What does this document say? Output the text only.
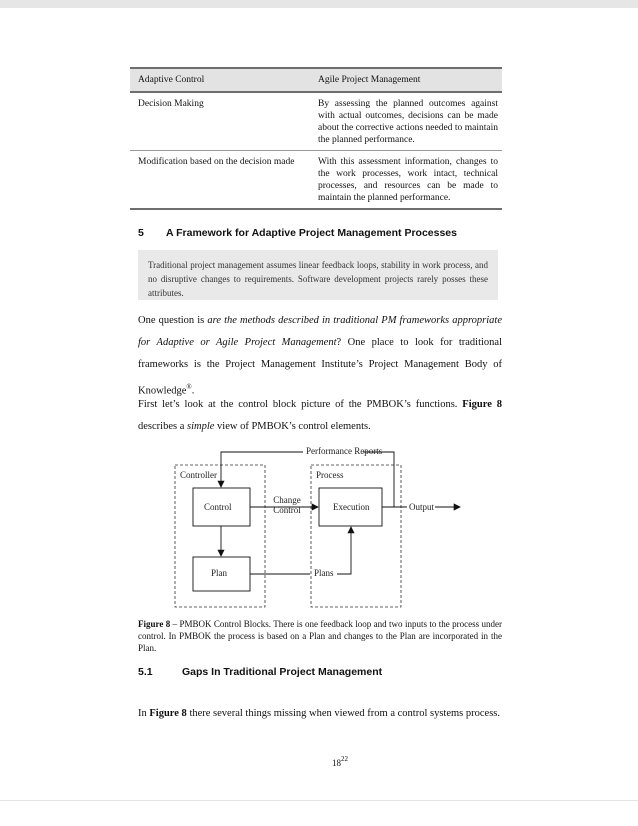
Adaptive Control	Agile Project Management
Decision Making	By assessing the planned outcomes against with actual outcomes, decisions can be made about the corrective actions needed to maintain the planned performance.
Modification based on the decision made	With this assessment information, changes to the work processes, work intact, technical processes, and resources can be made to maintain the planned performance.
5 A Framework for Adaptive Project Management Processes
Traditional project management assumes linear feedback loops, stability in work process, and no disruptive changes to requirements. Software development projects rarely posses these attributes.
One question is are the methods described in traditional PM frameworks appropriate for Adaptive or Agile Project Management? One place to look for traditional frameworks is the Project Management Institute’s Project Management Body of Knowledge®.
First let’s look at the control block picture of the PMBOK’s functions. Figure 8 describes a simple view of PMBOK’s control elements.
Performance Reports
Controller	Process
Control
Change
Control	Execution	Output
Plan	Plans
Figure 8 – PMBOK Control Blocks. There is one feedback loop and two inputs to the process under control. In PMBOK the process is based on a Plan and changes to the Plan are incorporated in the Plan.
5.1	Gaps In Traditional Project Management
In Figure 8 there several things missing when viewed from a control systems process.
$18^{22}$
